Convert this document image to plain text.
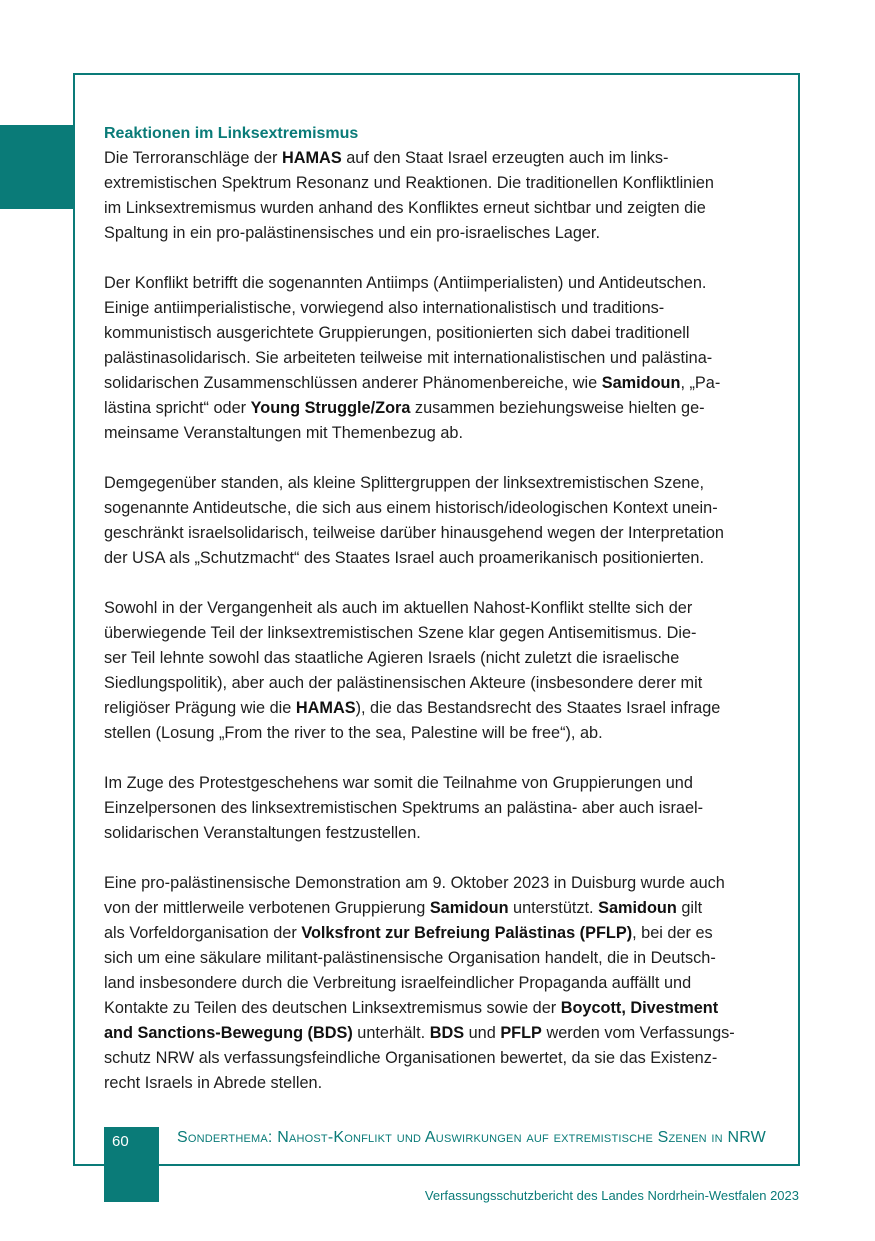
Reaktionen im Linksextremismus

Die Terroranschläge der HAMAS auf den Staat Israel erzeugten auch im links-
extremistischen Spektrum Resonanz und Reaktionen. Die traditionellen Konfliktlinien
im Linksextremismus wurden anhand des Konfliktes erneut sichtbar und zeigten die
Spaltung in ein pro-palästinensisches und ein pro-israelisches Lager.

Der Konflikt betrifft die sogenannten Antiimps (Antiimperialisten) und Antideutschen.
Einige antiimperialistische, vorwiegend also internationalistisch und traditions-
kommunistisch ausgerichtete Gruppierungen, positionierten sich dabei traditionell
palästinasolidarisch. Sie arbeiteten teilweise mit internationalistischen und palästina-
solidarischen Zusammenschlüssen anderer Phänomenbereiche, wie Samidoun, „Pa-
lästina spricht“ oder Young Struggle/Zora zusammen beziehungsweise hielten ge-
meinsame Veranstaltungen mit Themenbezug ab.

Demgegenüber standen, als kleine Splittergruppen der linksextremistischen Szene,
sogenannte Antideutsche, die sich aus einem historisch/ideologischen Kontext unein-
geschränkt israelsolidarisch, teilweise darüber hinausgehend wegen der Interpretation
der USA als „Schutzmacht“ des Staates Israel auch proamerikanisch positionierten.

Sowohl in der Vergangenheit als auch im aktuellen Nahost-Konflikt stellte sich der
überwiegende Teil der linksextremistischen Szene klar gegen Antisemitismus. Die-
ser Teil lehnte sowohl das staatliche Agieren Israels (nicht zuletzt die israelische
Siedlungspolitik), aber auch der palästinensischen Akteure (insbesondere derer mit
religiöser Prägung wie die HAMAS), die das Bestandsrecht des Staates Israel infrage
stellen (Losung „From the river to the sea, Palestine will be free“), ab.

Im Zuge des Protestgeschehens war somit die Teilnahme von Gruppierungen und
Einzelpersonen des linksextremistischen Spektrums an palästina- aber auch israel-
solidarischen Veranstaltungen festzustellen.

Eine pro-palästinensische Demonstration am 9. Oktober 2023 in Duisburg wurde auch
von der mittlerweile verbotenen Gruppierung Samidoun unterstützt. Samidoun gilt
als Vorfeldorganisation der Volksfront zur Befreiung Palästinas (PFLP), bei der es
sich um eine säkulare militant-palästinensische Organisation handelt, die in Deutsch-
land insbesondere durch die Verbreitung israelfeindlicher Propaganda auffällt und
Kontakte zu Teilen des deutschen Linksextremismus sowie der Boycott, Divestment
and Sanctions-Bewegung (BDS) unterhält. BDS und PFLP werden vom Verfassungs-
schutz NRW als verfassungsfeindliche Organisationen bewertet, da sie das Existenz-
recht Israels in Abrede stellen.

60	Sonderthema: Nahost-Konflikt und Auswirkungen auf extremistische Szenen in NRW
Verfassungsschutzbericht des Landes Nordrhein-Westfalen 2023
